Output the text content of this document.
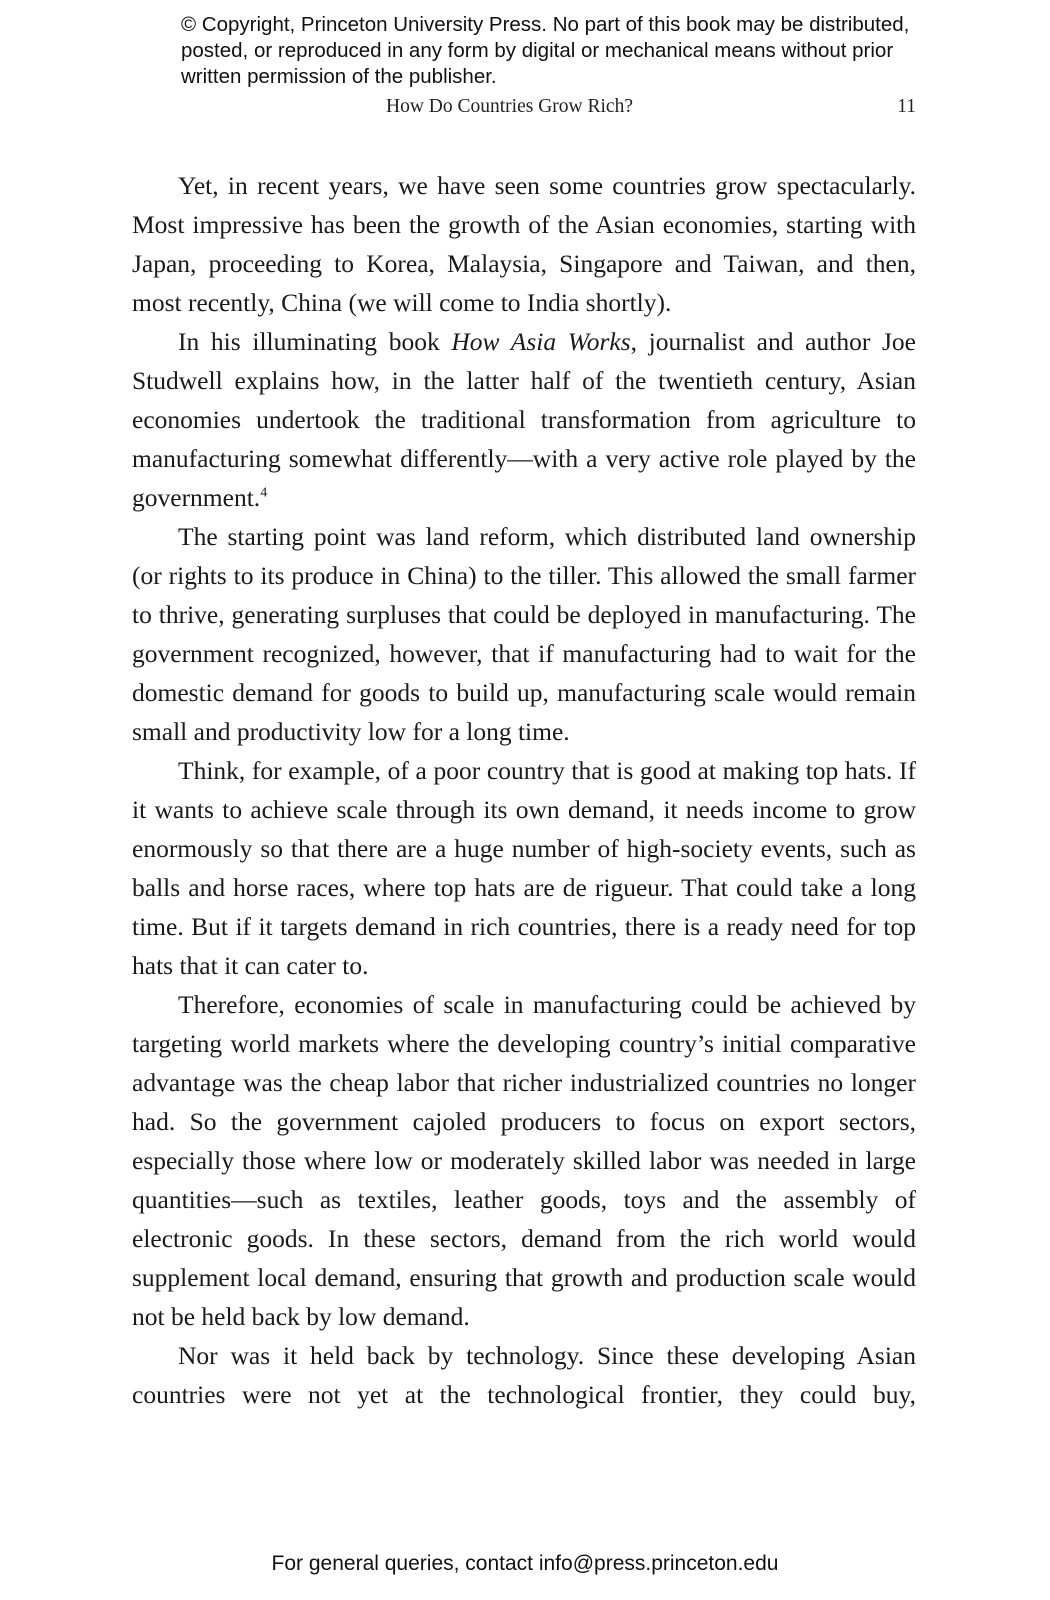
© Copyright, Princeton University Press. No part of this book may be distributed, posted, or reproduced in any form by digital or mechanical means without prior written permission of the publisher.
How Do Countries Grow Rich?	11

Yet, in recent years, we have seen some countries grow spectacularly. Most impressive has been the growth of the Asian economies, starting with Japan, proceeding to Korea, Malaysia, Singapore and Taiwan, and then, most recently, China (we will come to India shortly).

In his illuminating book How Asia Works, journalist and author Joe Studwell explains how, in the latter half of the twentieth century, Asian economies undertook the traditional transformation from agriculture to manufacturing somewhat differently—with a very active role played by the government.$^4$

The starting point was land reform, which distributed land ownership (or rights to its produce in China) to the tiller. This allowed the small farmer to thrive, generating surpluses that could be deployed in manufacturing. The government recognized, however, that if manufacturing had to wait for the domestic demand for goods to build up, manufacturing scale would remain small and productivity low for a long time.

Think, for example, of a poor country that is good at making top hats. If it wants to achieve scale through its own demand, it needs income to grow enormously so that there are a huge number of high-society events, such as balls and horse races, where top hats are de rigueur. That could take a long time. But if it targets demand in rich countries, there is a ready need for top hats that it can cater to.

Therefore, economies of scale in manufacturing could be achieved by targeting world markets where the developing country’s initial comparative advantage was the cheap labor that richer industrialized countries no longer had. So the government cajoled producers to focus on export sectors, especially those where low or moderately skilled labor was needed in large quantities—such as textiles, leather goods, toys and the assembly of electronic goods. In these sectors, demand from the rich world would supplement local demand, ensuring that growth and production scale would not be held back by low demand.

Nor was it held back by technology. Since these developing Asian countries were not yet at the technological frontier, they could buy,

For general queries, contact info@press.princeton.edu
